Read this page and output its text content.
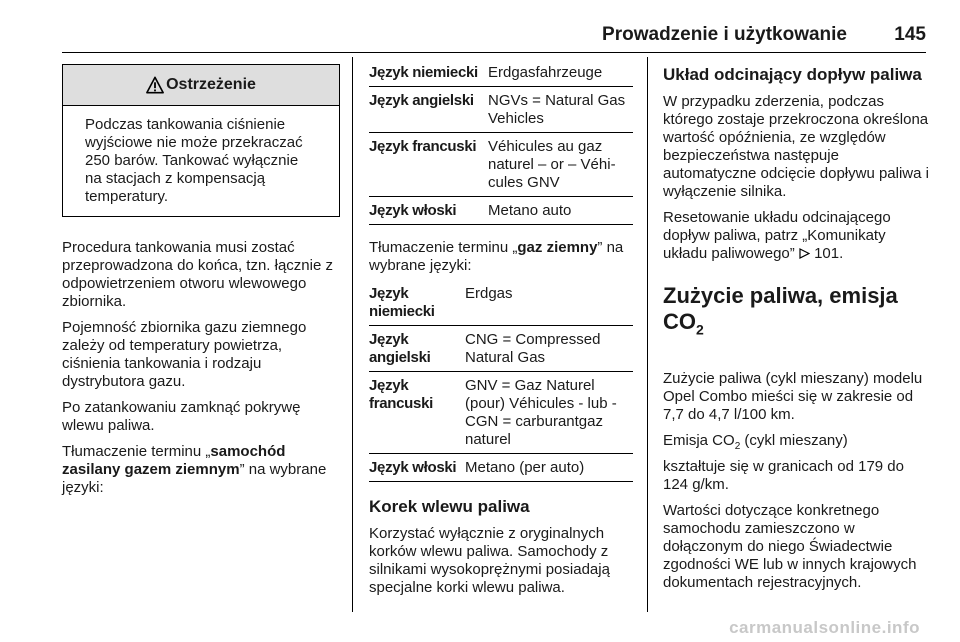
Prowadzenie i użytkowanie 145
Ostrzeżenie
Podczas tankowania ciśnienie wyjściowe nie może przekraczać 250 barów. Tankować wyłącznie na stacjach z kompensacją temperatury.

Procedura tankowania musi zostać przeprowadzona do końca, tzn. łącznie z odpowietrzeniem otworu wlewowego zbiornika.

Pojemność zbiornika gazu ziemnego zależy od temperatury powietrza, ciśnienia tankowania i rodzaju dystrybutora gazu.

Po zatankowaniu zamknąć pokrywę wlewu paliwa.

Tłumaczenie terminu „samochód zasilany gazem ziemnym” na wybrane języki:

Język niemiecki	Erdgasfahrzeuge
Język angielski	NGVs = Natural Gas Vehicles
Język francuski	Véhicules au gaz naturel – or – Véhi-cules GNV
Język włoski	Metano auto

Tłumaczenie terminu „gaz ziemny” na wybrane języki:

Język niemiecki	Erdgas
Język angielski	CNG = Compressed Natural Gas
Język francuski	GNV = Gaz Naturel (pour) Véhicules - lub - CGN = carburantgaz naturel
Język włoski	Metano (per auto)
Korek wlewu paliwa

Korzystać wyłącznie z oryginalnych korków wlewu paliwa. Samochody z silnikami wysokoprężnymi posiadają specjalne korki wlewu paliwa.

Układ odcinający dopływ paliwa

W przypadku zderzenia, podczas którego zostaje przekroczona określona wartość opóźnienia, ze względów bezpieczeństwa następuje automatyczne odcięcie dopływu paliwa i wyłączenie silnika.

Resetowanie układu odcinającego dopływ paliwa, patrz „Komunikaty układu paliwowego” 101.

Zużycie paliwa, emisja $CO_2$

Zużycie paliwa (cykl mieszany) modelu Opel Combo mieści się w zakresie od 7,7 do 4,7 l/100 km.

Emisja $CO_2$ (cykl mieszany)

kształtuje się w granicach od 179 do 124 g/km.

Wartości dotyczące konkretnego samochodu zamieszczono w dołączonym do niego Świadectwie zgodności WE lub w innych krajowych dokumentach rejestracyjnych.

carmanualsonline.info
